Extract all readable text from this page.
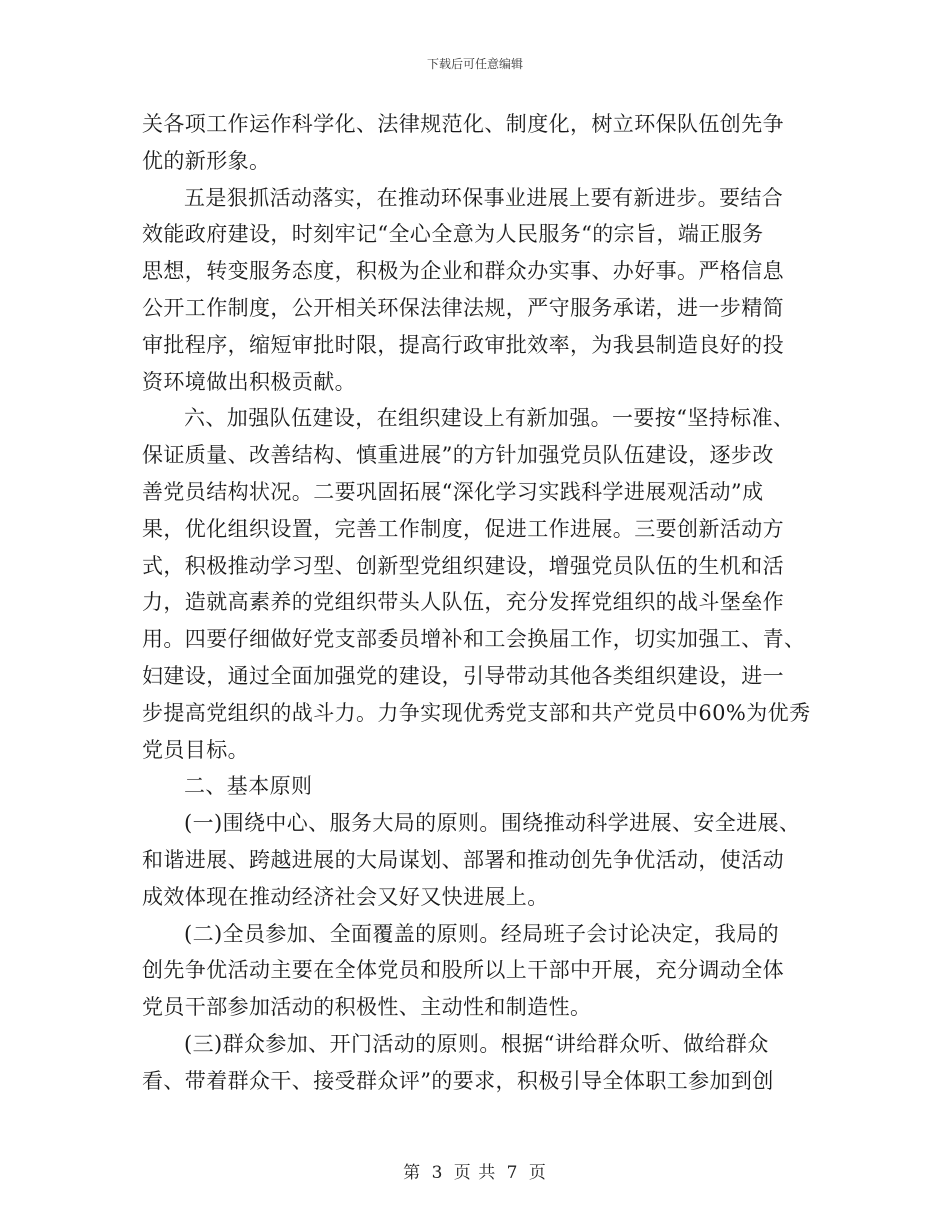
下载后可任意编辑

关各项工作运作科学化、法律规范化、制度化，树立环保队伍创先争
优的新形象。

五是狠抓活动落实，在推动环保事业进展上要有新进步。要结合
效能政府建设，时刻牢记“全心全意为人民服务“的宗旨，端正服务
思想，转变服务态度，积极为企业和群众办实事、办好事。严格信息
公开工作制度，公开相关环保法律法规，严守服务承诺，进一步精简
审批程序，缩短审批时限，提高行政审批效率，为我县制造良好的投
资环境做出积极贡献。

六、加强队伍建设，在组织建设上有新加强。一要按“坚持标准、
保证质量、改善结构、慎重进展”的方针加强党员队伍建设，逐步改
善党员结构状况。二要巩固拓展“深化学习实践科学进展观活动”成
果，优化组织设置，完善工作制度，促进工作进展。三要创新活动方
式，积极推动学习型、创新型党组织建设，增强党员队伍的生机和活
力，造就高素养的党组织带头人队伍，充分发挥党组织的战斗堡垒作
用。四要仔细做好党支部委员增补和工会换届工作，切实加强工、青、
妇建设，通过全面加强党的建设，引导带动其他各类组织建设，进一
步提高党组织的战斗力。力争实现优秀党支部和共产党员中60%为优秀
党员目标。

二、基本原则

(一)围绕中心、服务大局的原则。围绕推动科学进展、安全进展、
和谐进展、跨越进展的大局谋划、部署和推动创先争优活动，使活动
成效体现在推动经济社会又好又快进展上。

(二)全员参加、全面覆盖的原则。经局班子会讨论决定，我局的
创先争优活动主要在全体党员和股所以上干部中开展，充分调动全体
党员干部参加活动的积极性、主动性和制造性。

(三)群众参加、开门活动的原则。根据“讲给群众听、做给群众
看、带着群众干、接受群众评”的要求，积极引导全体职工参加到创

第 3 页 共 7 页
